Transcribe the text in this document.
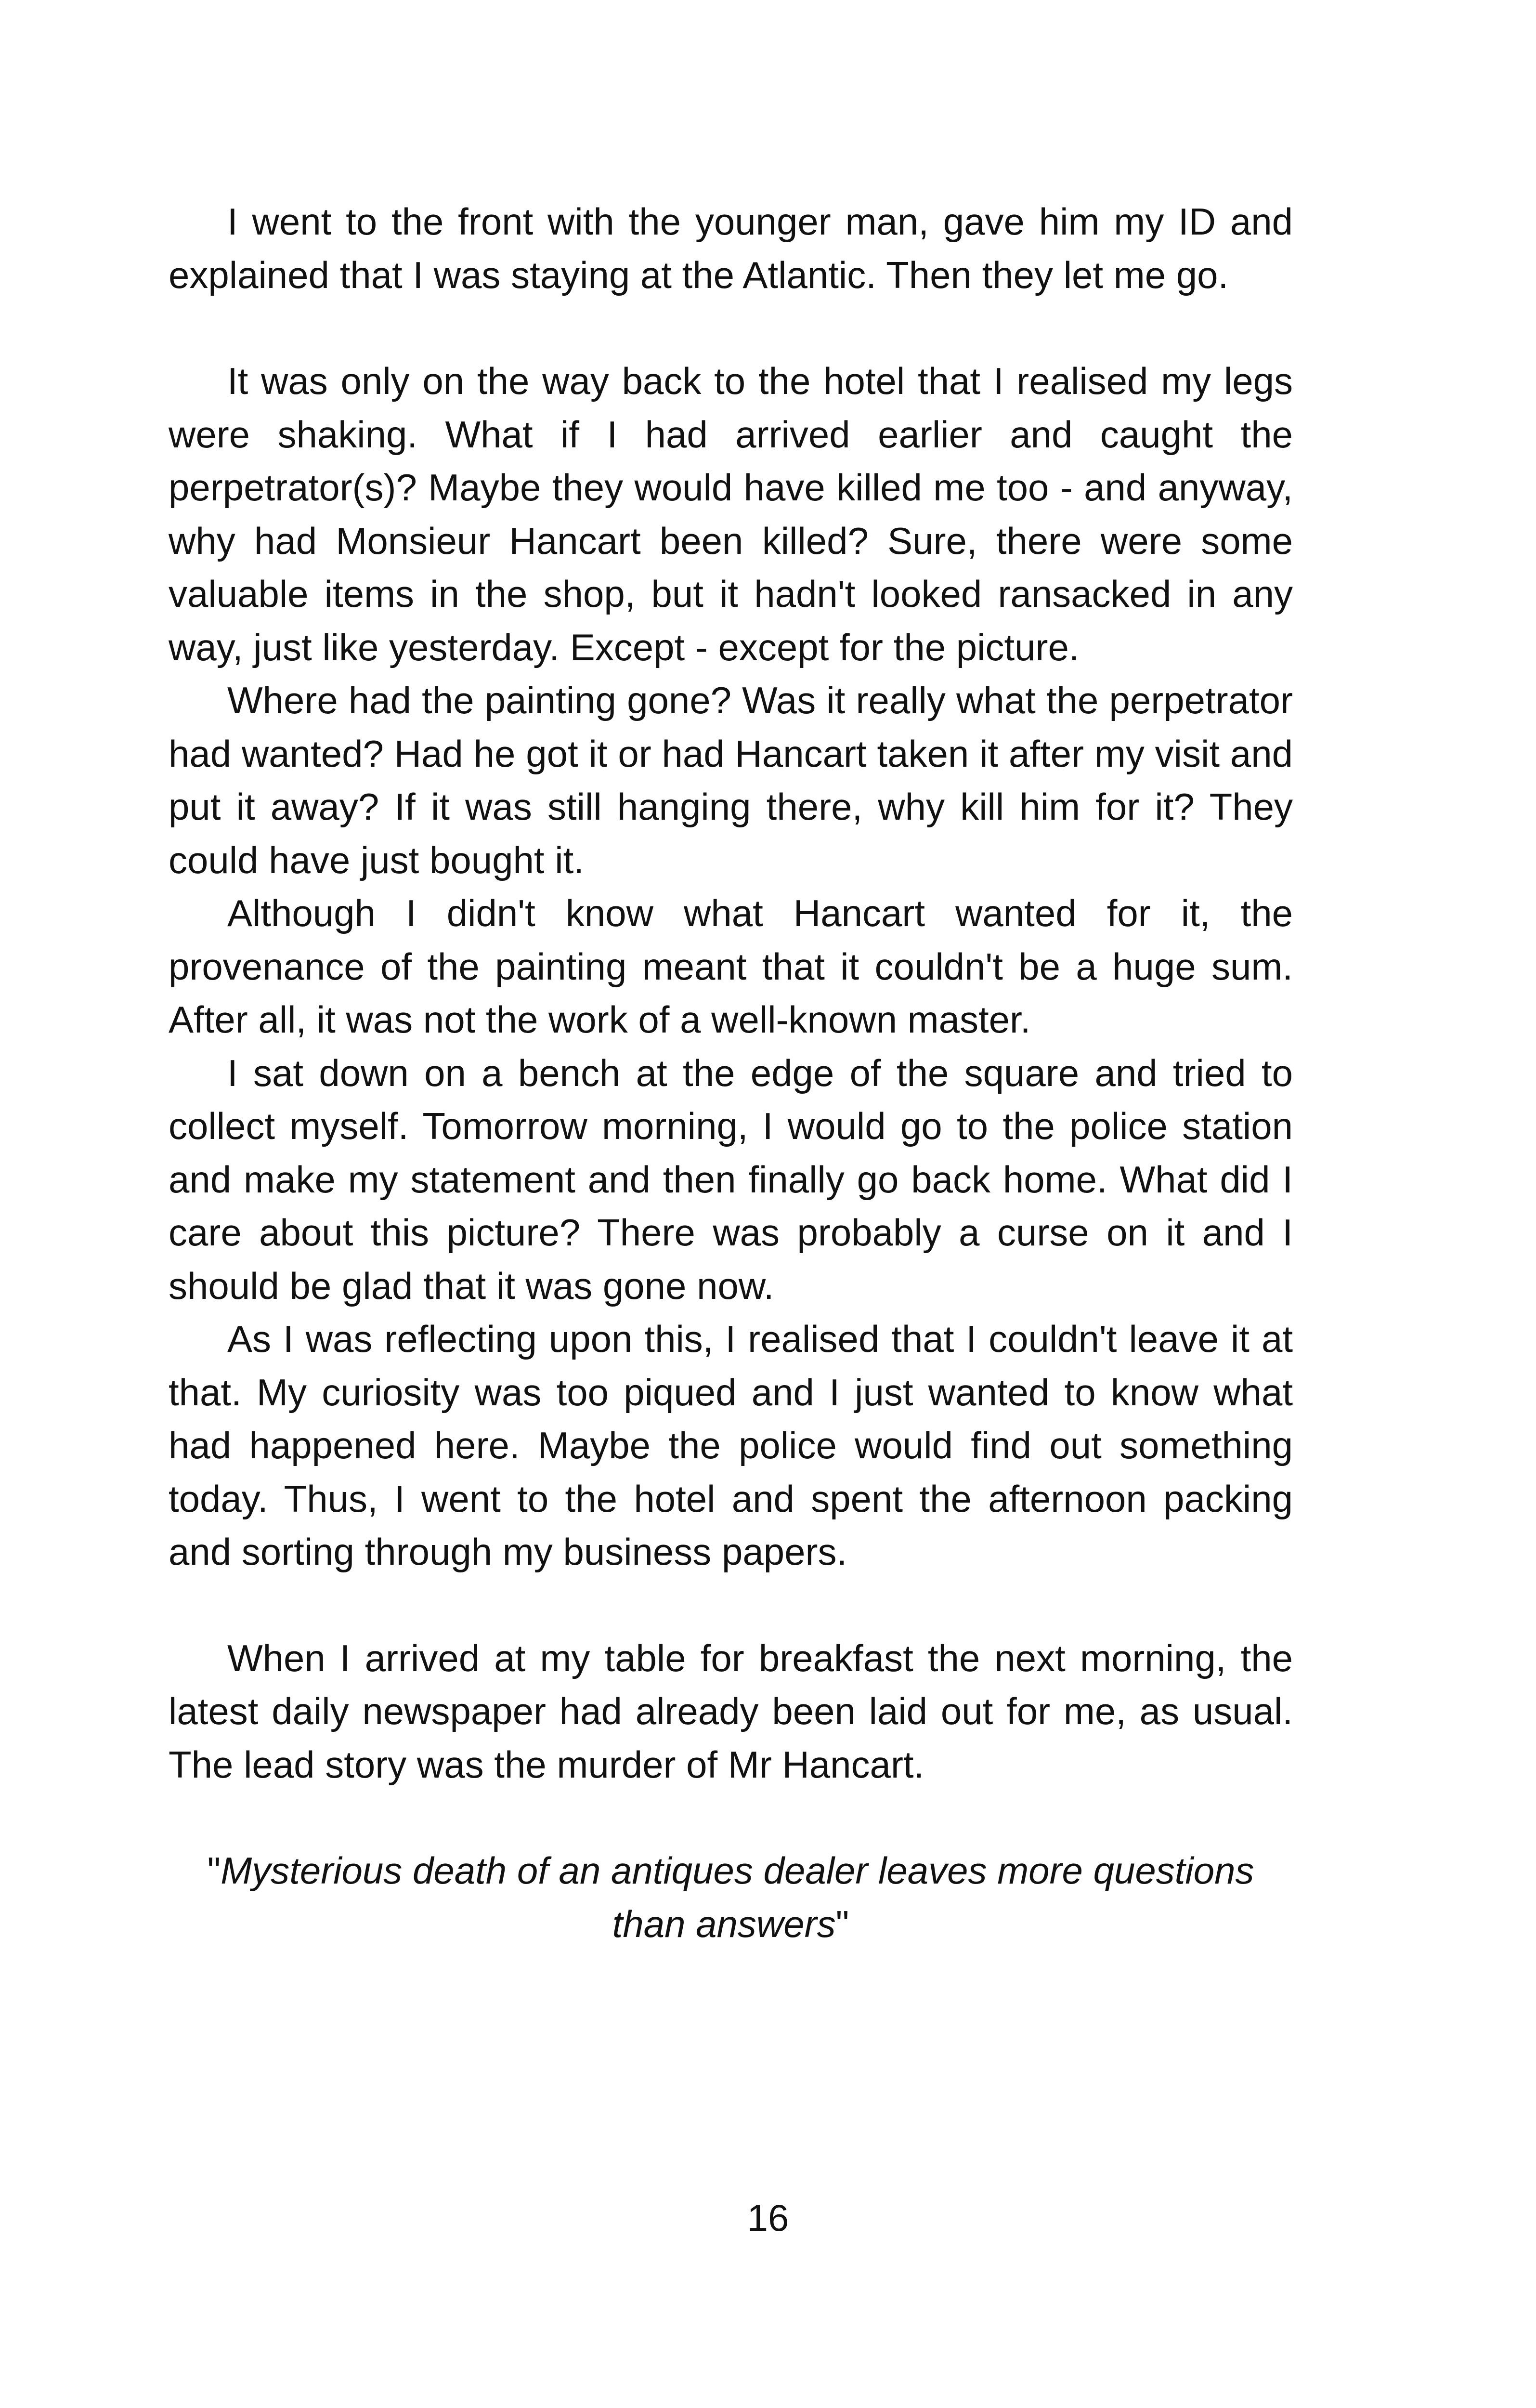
I went to the front with the younger man, gave him my ID and explained that I was staying at the Atlantic. Then they let me go.

It was only on the way back to the hotel that I realised my legs were shaking. What if I had arrived earlier and caught the perpetrator(s)? Maybe they would have killed me too - and anyway, why had Monsieur Hancart been killed? Sure, there were some valuable items in the shop, but it hadn't looked ransacked in any way, just like yesterday. Except - except for the picture.

Where had the painting gone? Was it really what the perpetrator had wanted? Had he got it or had Hancart taken it after my visit and put it away? If it was still hanging there, why kill him for it? They could have just bought it.

Although I didn't know what Hancart wanted for it, the provenance of the painting meant that it couldn't be a huge sum. After all, it was not the work of a well-known master.

I sat down on a bench at the edge of the square and tried to collect myself. Tomorrow morning, I would go to the police station and make my statement and then finally go back home. What did I care about this picture? There was probably a curse on it and I should be glad that it was gone now.

As I was reflecting upon this, I realised that I couldn't leave it at that. My curiosity was too piqued and I just wanted to know what had happened here. Maybe the police would find out something today. Thus, I went to the hotel and spent the afternoon packing and sorting through my business papers.

When I arrived at my table for breakfast the next morning, the latest daily newspaper had already been laid out for me, as usual. The lead story was the murder of Mr Hancart.

"Mysterious death of an antiques dealer leaves more questions than answers"

16
